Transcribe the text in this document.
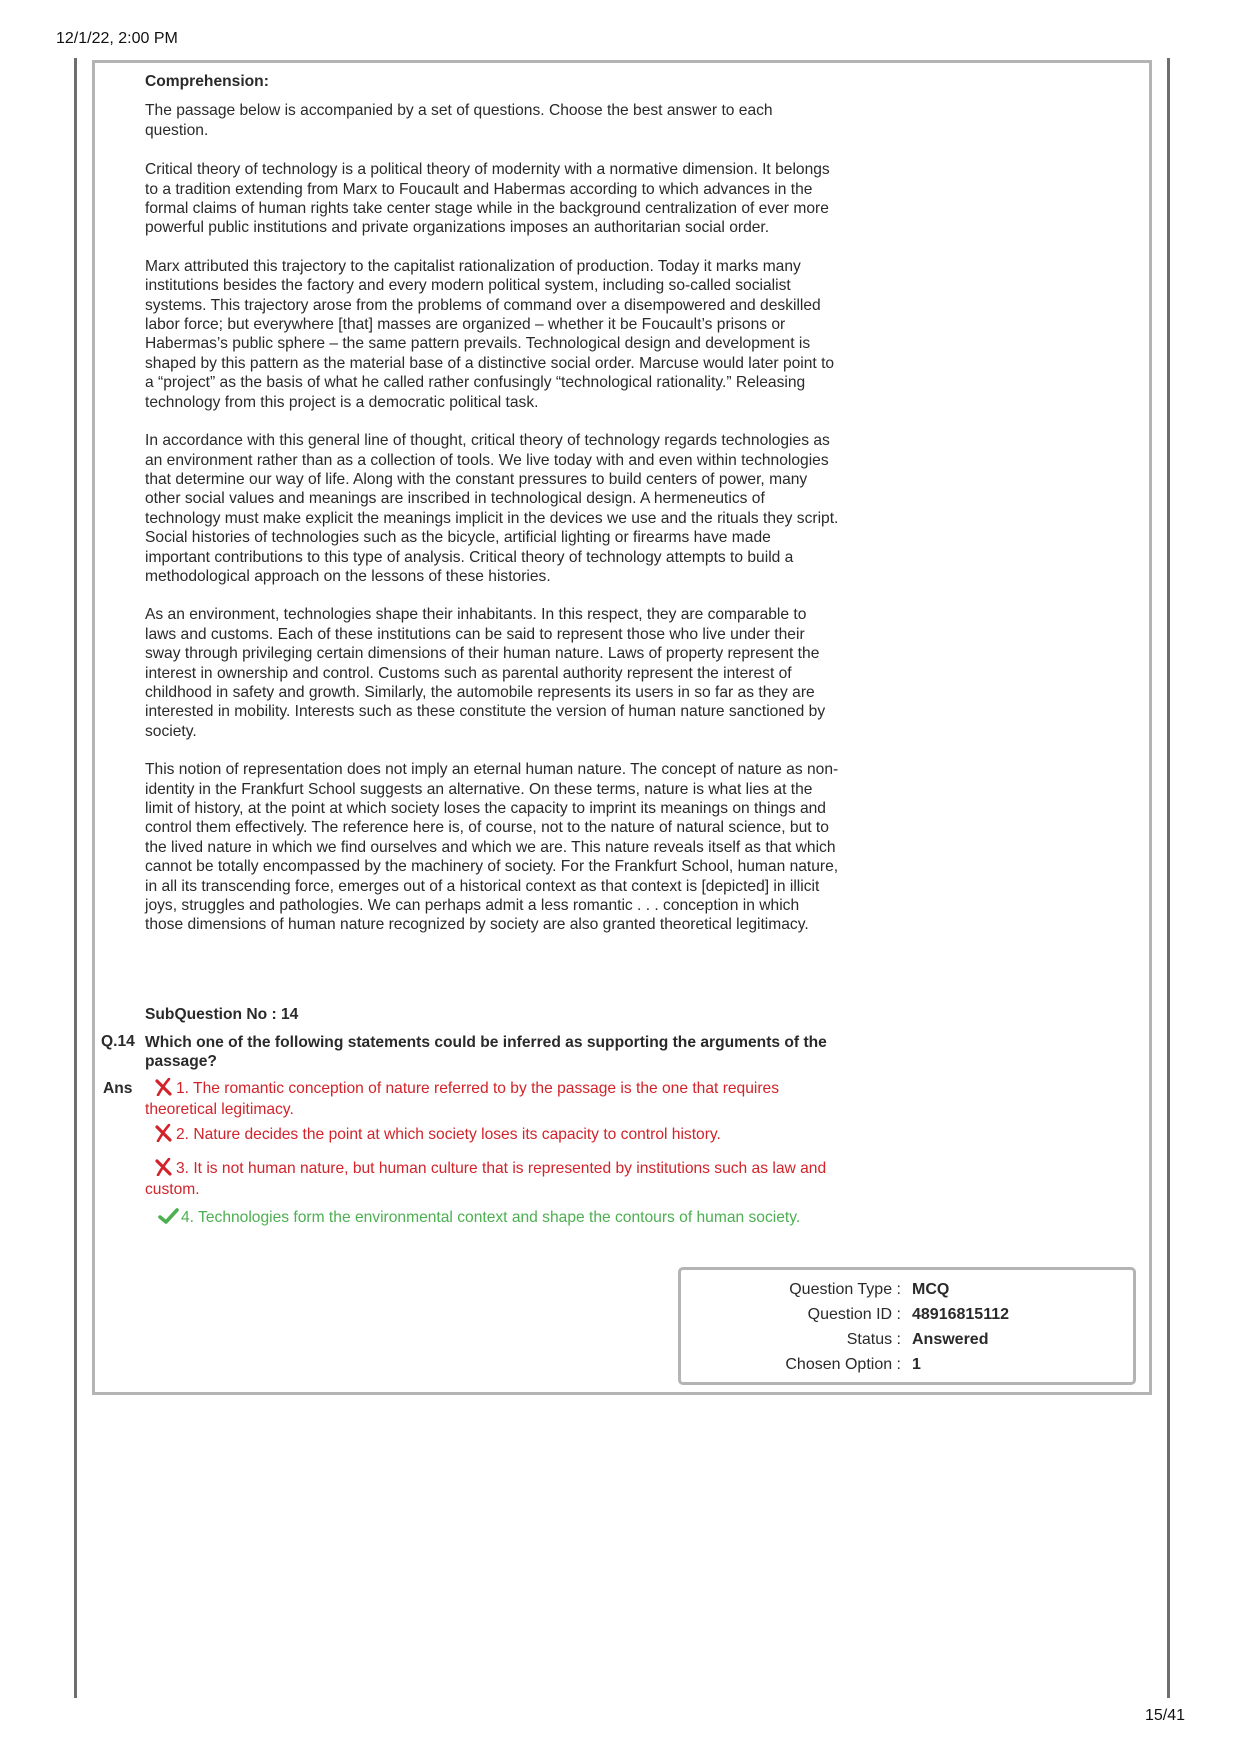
12/1/22, 2:00 PM
Comprehension:
The passage below is accompanied by a set of questions. Choose the best answer to each question.
Critical theory of technology is a political theory of modernity with a normative dimension. It belongs to a tradition extending from Marx to Foucault and Habermas according to which advances in the formal claims of human rights take center stage while in the background centralization of ever more powerful public institutions and private organizations imposes an authoritarian social order.
Marx attributed this trajectory to the capitalist rationalization of production. Today it marks many institutions besides the factory and every modern political system, including so-called socialist systems. This trajectory arose from the problems of command over a disempowered and deskilled labor force; but everywhere [that] masses are organized – whether it be Foucault’s prisons or Habermas’s public sphere – the same pattern prevails. Technological design and development is shaped by this pattern as the material base of a distinctive social order. Marcuse would later point to a “project” as the basis of what he called rather confusingly “technological rationality.” Releasing technology from this project is a democratic political task.
In accordance with this general line of thought, critical theory of technology regards technologies as an environment rather than as a collection of tools. We live today with and even within technologies that determine our way of life. Along with the constant pressures to build centers of power, many other social values and meanings are inscribed in technological design. A hermeneutics of technology must make explicit the meanings implicit in the devices we use and the rituals they script. Social histories of technologies such as the bicycle, artificial lighting or firearms have made important contributions to this type of analysis. Critical theory of technology attempts to build a methodological approach on the lessons of these histories.
As an environment, technologies shape their inhabitants. In this respect, they are comparable to laws and customs. Each of these institutions can be said to represent those who live under their sway through privileging certain dimensions of their human nature. Laws of property represent the interest in ownership and control. Customs such as parental authority represent the interest of childhood in safety and growth. Similarly, the automobile represents its users in so far as they are interested in mobility. Interests such as these constitute the version of human nature sanctioned by society.
This notion of representation does not imply an eternal human nature. The concept of nature as non-identity in the Frankfurt School suggests an alternative. On these terms, nature is what lies at the limit of history, at the point at which society loses the capacity to imprint its meanings on things and control them effectively. The reference here is, of course, not to the nature of natural science, but to the lived nature in which we find ourselves and which we are. This nature reveals itself as that which cannot be totally encompassed by the machinery of society. For the Frankfurt School, human nature, in all its transcending force, emerges out of a historical context as that context is [depicted] in illicit joys, struggles and pathologies. We can perhaps admit a less romantic . . . conception in which those dimensions of human nature recognized by society are also granted theoretical legitimacy.
SubQuestion No : 14
Q.14 Which one of the following statements could be inferred as supporting the arguments of the passage?
Ans	1. The romantic conception of nature referred to by the passage is the one that requires theoretical legitimacy.
2. Nature decides the point at which society loses its capacity to control history.
3. It is not human nature, but human culture that is represented by institutions such as law and custom.
4. Technologies form the environmental context and shape the contours of human society.
Question Type : MCQ
Question ID : 48916815112
Status : Answered
Chosen Option : 1
15/41
